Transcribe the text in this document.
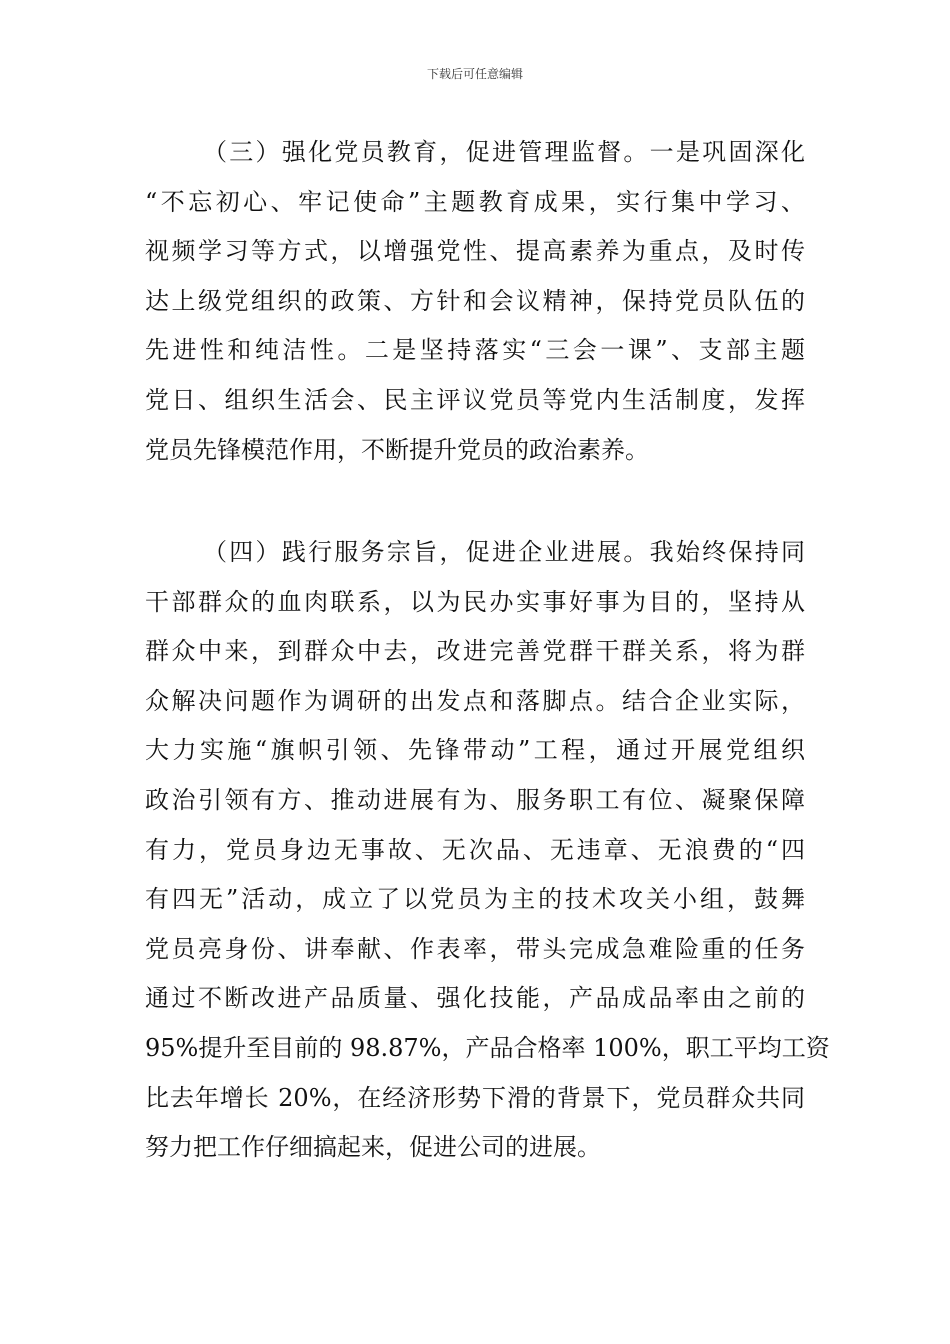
下载后可任意编辑
（三）强化党员教育，促进管理监督。一是巩固深化
“不忘初心、牢记使命”主题教育成果，实行集中学习、
视频学习等方式，以增强党性、提高素养为重点，及时传
达上级党组织的政策、方针和会议精神，保持党员队伍的
先进性和纯洁性。二是坚持落实“三会一课”、支部主题
党日、组织生活会、民主评议党员等党内生活制度，发挥
党员先锋模范作用，不断提升党员的政治素养。
（四）践行服务宗旨，促进企业进展。我始终保持同
干部群众的血肉联系，以为民办实事好事为目的，坚持从
群众中来，到群众中去，改进完善党群干群关系，将为群
众解决问题作为调研的出发点和落脚点。结合企业实际，
大力实施“旗帜引领、先锋带动”工程，通过开展党组织
政治引领有方、推动进展有为、服务职工有位、凝聚保障
有力，党员身边无事故、无次品、无违章、无浪费的“四
有四无”活动，成立了以党员为主的技术攻关小组，鼓舞
党员亮身份、讲奉献、作表率，带头完成急难险重的任务
通过不断改进产品质量、强化技能，产品成品率由之前的
95%提升至目前的 98.87%，产品合格率 100%，职工平均工资
比去年增长 20%，在经济形势下滑的背景下，党员群众共同
努力把工作仔细搞起来，促进公司的进展。
